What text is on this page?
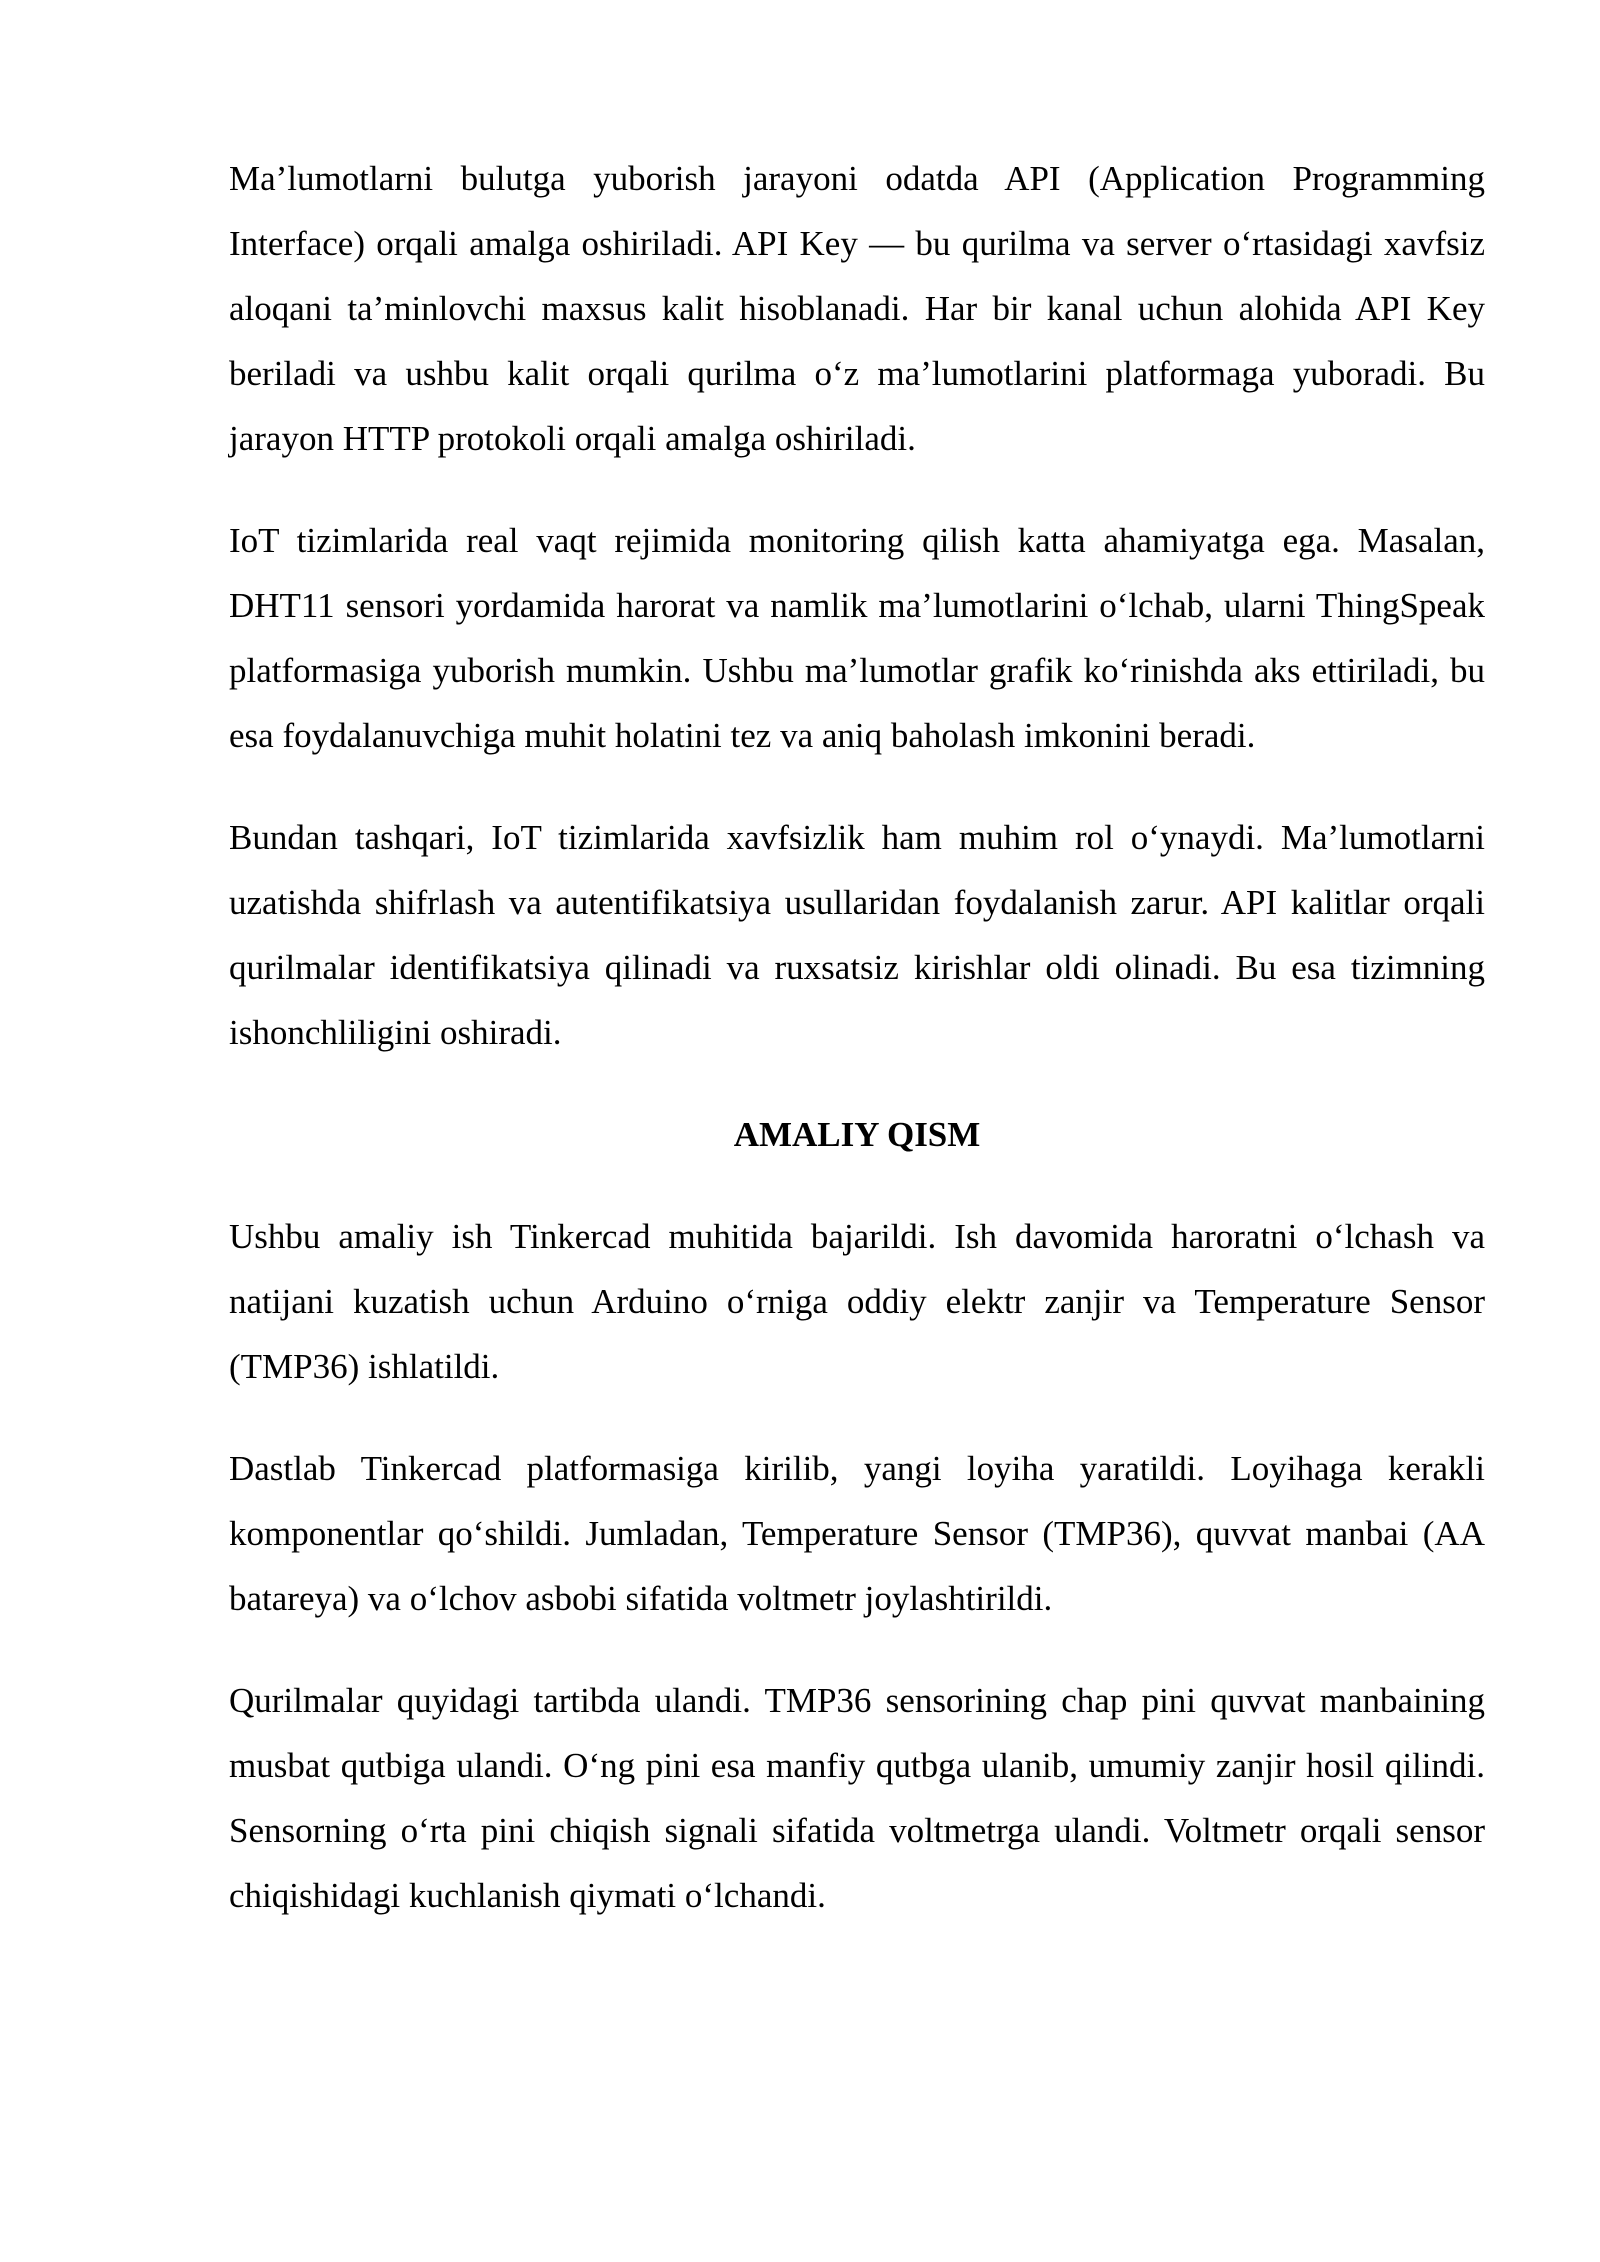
Ma’lumotlarni bulutga yuborish jarayoni odatda API (Application Programming Interface) orqali amalga oshiriladi. API Key — bu qurilma va server o‘rtasidagi xavfsiz aloqani ta’minlovchi maxsus kalit hisoblanadi. Har bir kanal uchun alohida API Key beriladi va ushbu kalit orqali qurilma o‘z ma’lumotlarini platformaga yuboradi. Bu jarayon HTTP protokoli orqali amalga oshiriladi.

IoT tizimlarida real vaqt rejimida monitoring qilish katta ahamiyatga ega. Masalan, DHT11 sensori yordamida harorat va namlik ma’lumotlarini o‘lchab, ularni ThingSpeak platformasiga yuborish mumkin. Ushbu ma’lumotlar grafik ko‘rinishda aks ettiriladi, bu esa foydalanuvchiga muhit holatini tez va aniq baholash imkonini beradi.

Bundan tashqari, IoT tizimlarida xavfsizlik ham muhim rol o‘ynaydi. Ma’lumotlarni uzatishda shifrlash va autentifikatsiya usullaridan foydalanish zarur. API kalitlar orqali qurilmalar identifikatsiya qilinadi va ruxsatsiz kirishlar oldi olinadi. Bu esa tizimning ishonchliligini oshiradi.

AMALIY QISM

Ushbu amaliy ish Tinkercad muhitida bajarildi. Ish davomida haroratni o‘lchash va natijani kuzatish uchun Arduino o‘rniga oddiy elektr zanjir va Temperature Sensor (TMP36) ishlatildi.

Dastlab Tinkercad platformasiga kirilib, yangi loyiha yaratildi. Loyihaga kerakli komponentlar qo‘shildi. Jumladan, Temperature Sensor (TMP36), quvvat manbai (AA batareya) va o‘lchov asbobi sifatida voltmetr joylashtirildi.

Qurilmalar quyidagi tartibda ulandi. TMP36 sensorining chap pini quvvat manbaining musbat qutbiga ulandi. O‘ng pini esa manfiy qutbga ulanib, umumiy zanjir hosil qilindi. Sensorning o‘rta pini chiqish signali sifatida voltmetrga ulandi. Voltmetr orqali sensor chiqishidagi kuchlanish qiymati o‘lchandi.
